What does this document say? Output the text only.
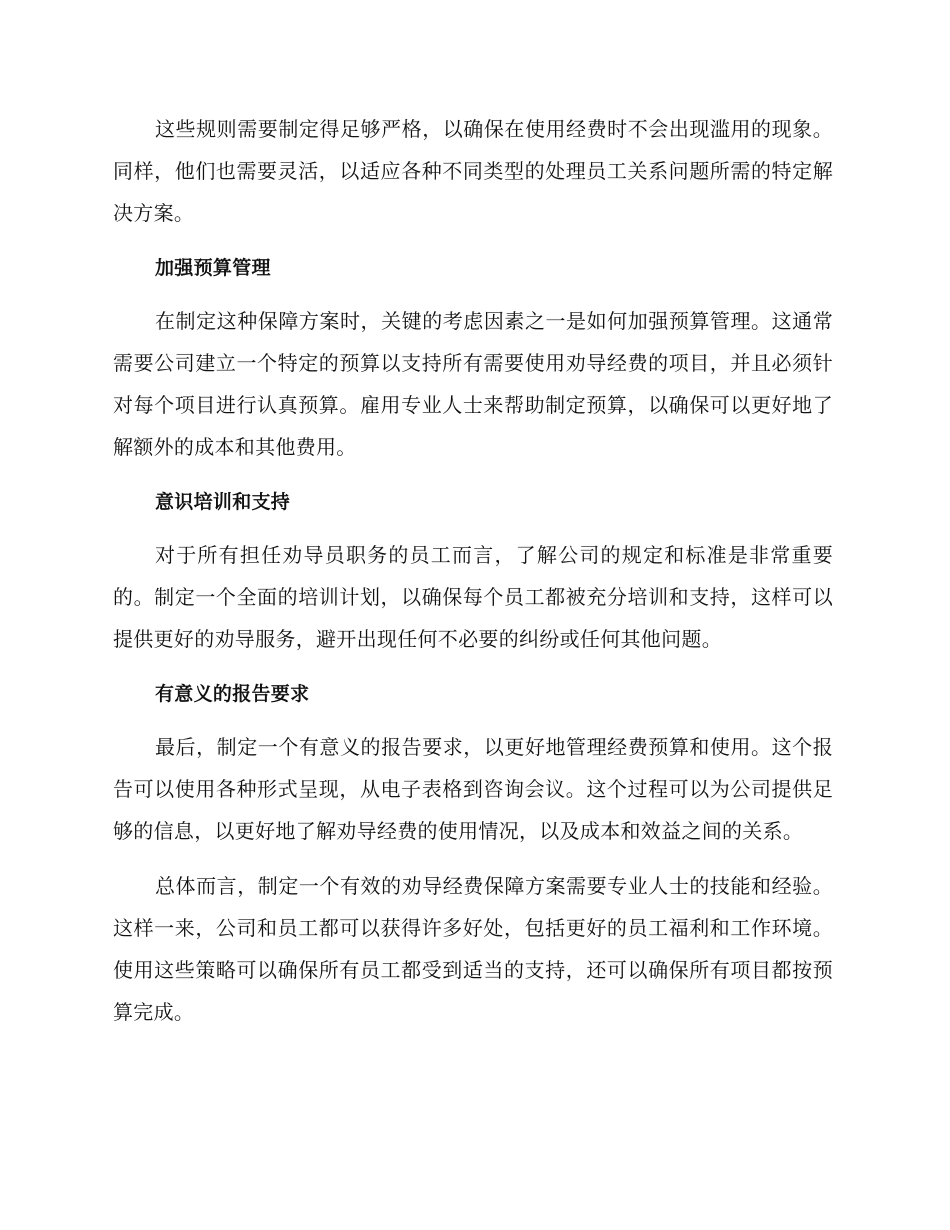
这些规则需要制定得足够严格，以确保在使用经费时不会出现滥用的现象。同样，他们也需要灵活，以适应各种不同类型的处理员工关系问题所需的特定解决方案。

加强预算管理

在制定这种保障方案时，关键的考虑因素之一是如何加强预算管理。这通常需要公司建立一个特定的预算以支持所有需要使用劝导经费的项目，并且必须针对每个项目进行认真预算。雇用专业人士来帮助制定预算，以确保可以更好地了解额外的成本和其他费用。

意识培训和支持

对于所有担任劝导员职务的员工而言，了解公司的规定和标准是非常重要的。制定一个全面的培训计划，以确保每个员工都被充分培训和支持，这样可以提供更好的劝导服务，避开出现任何不必要的纠纷或任何其他问题。

有意义的报告要求

最后，制定一个有意义的报告要求，以更好地管理经费预算和使用。这个报告可以使用各种形式呈现，从电子表格到咨询会议。这个过程可以为公司提供足够的信息，以更好地了解劝导经费的使用情况，以及成本和效益之间的关系。

总体而言，制定一个有效的劝导经费保障方案需要专业人士的技能和经验。这样一来，公司和员工都可以获得许多好处，包括更好的员工福利和工作环境。使用这些策略可以确保所有员工都受到适当的支持，还可以确保所有项目都按预算完成。
